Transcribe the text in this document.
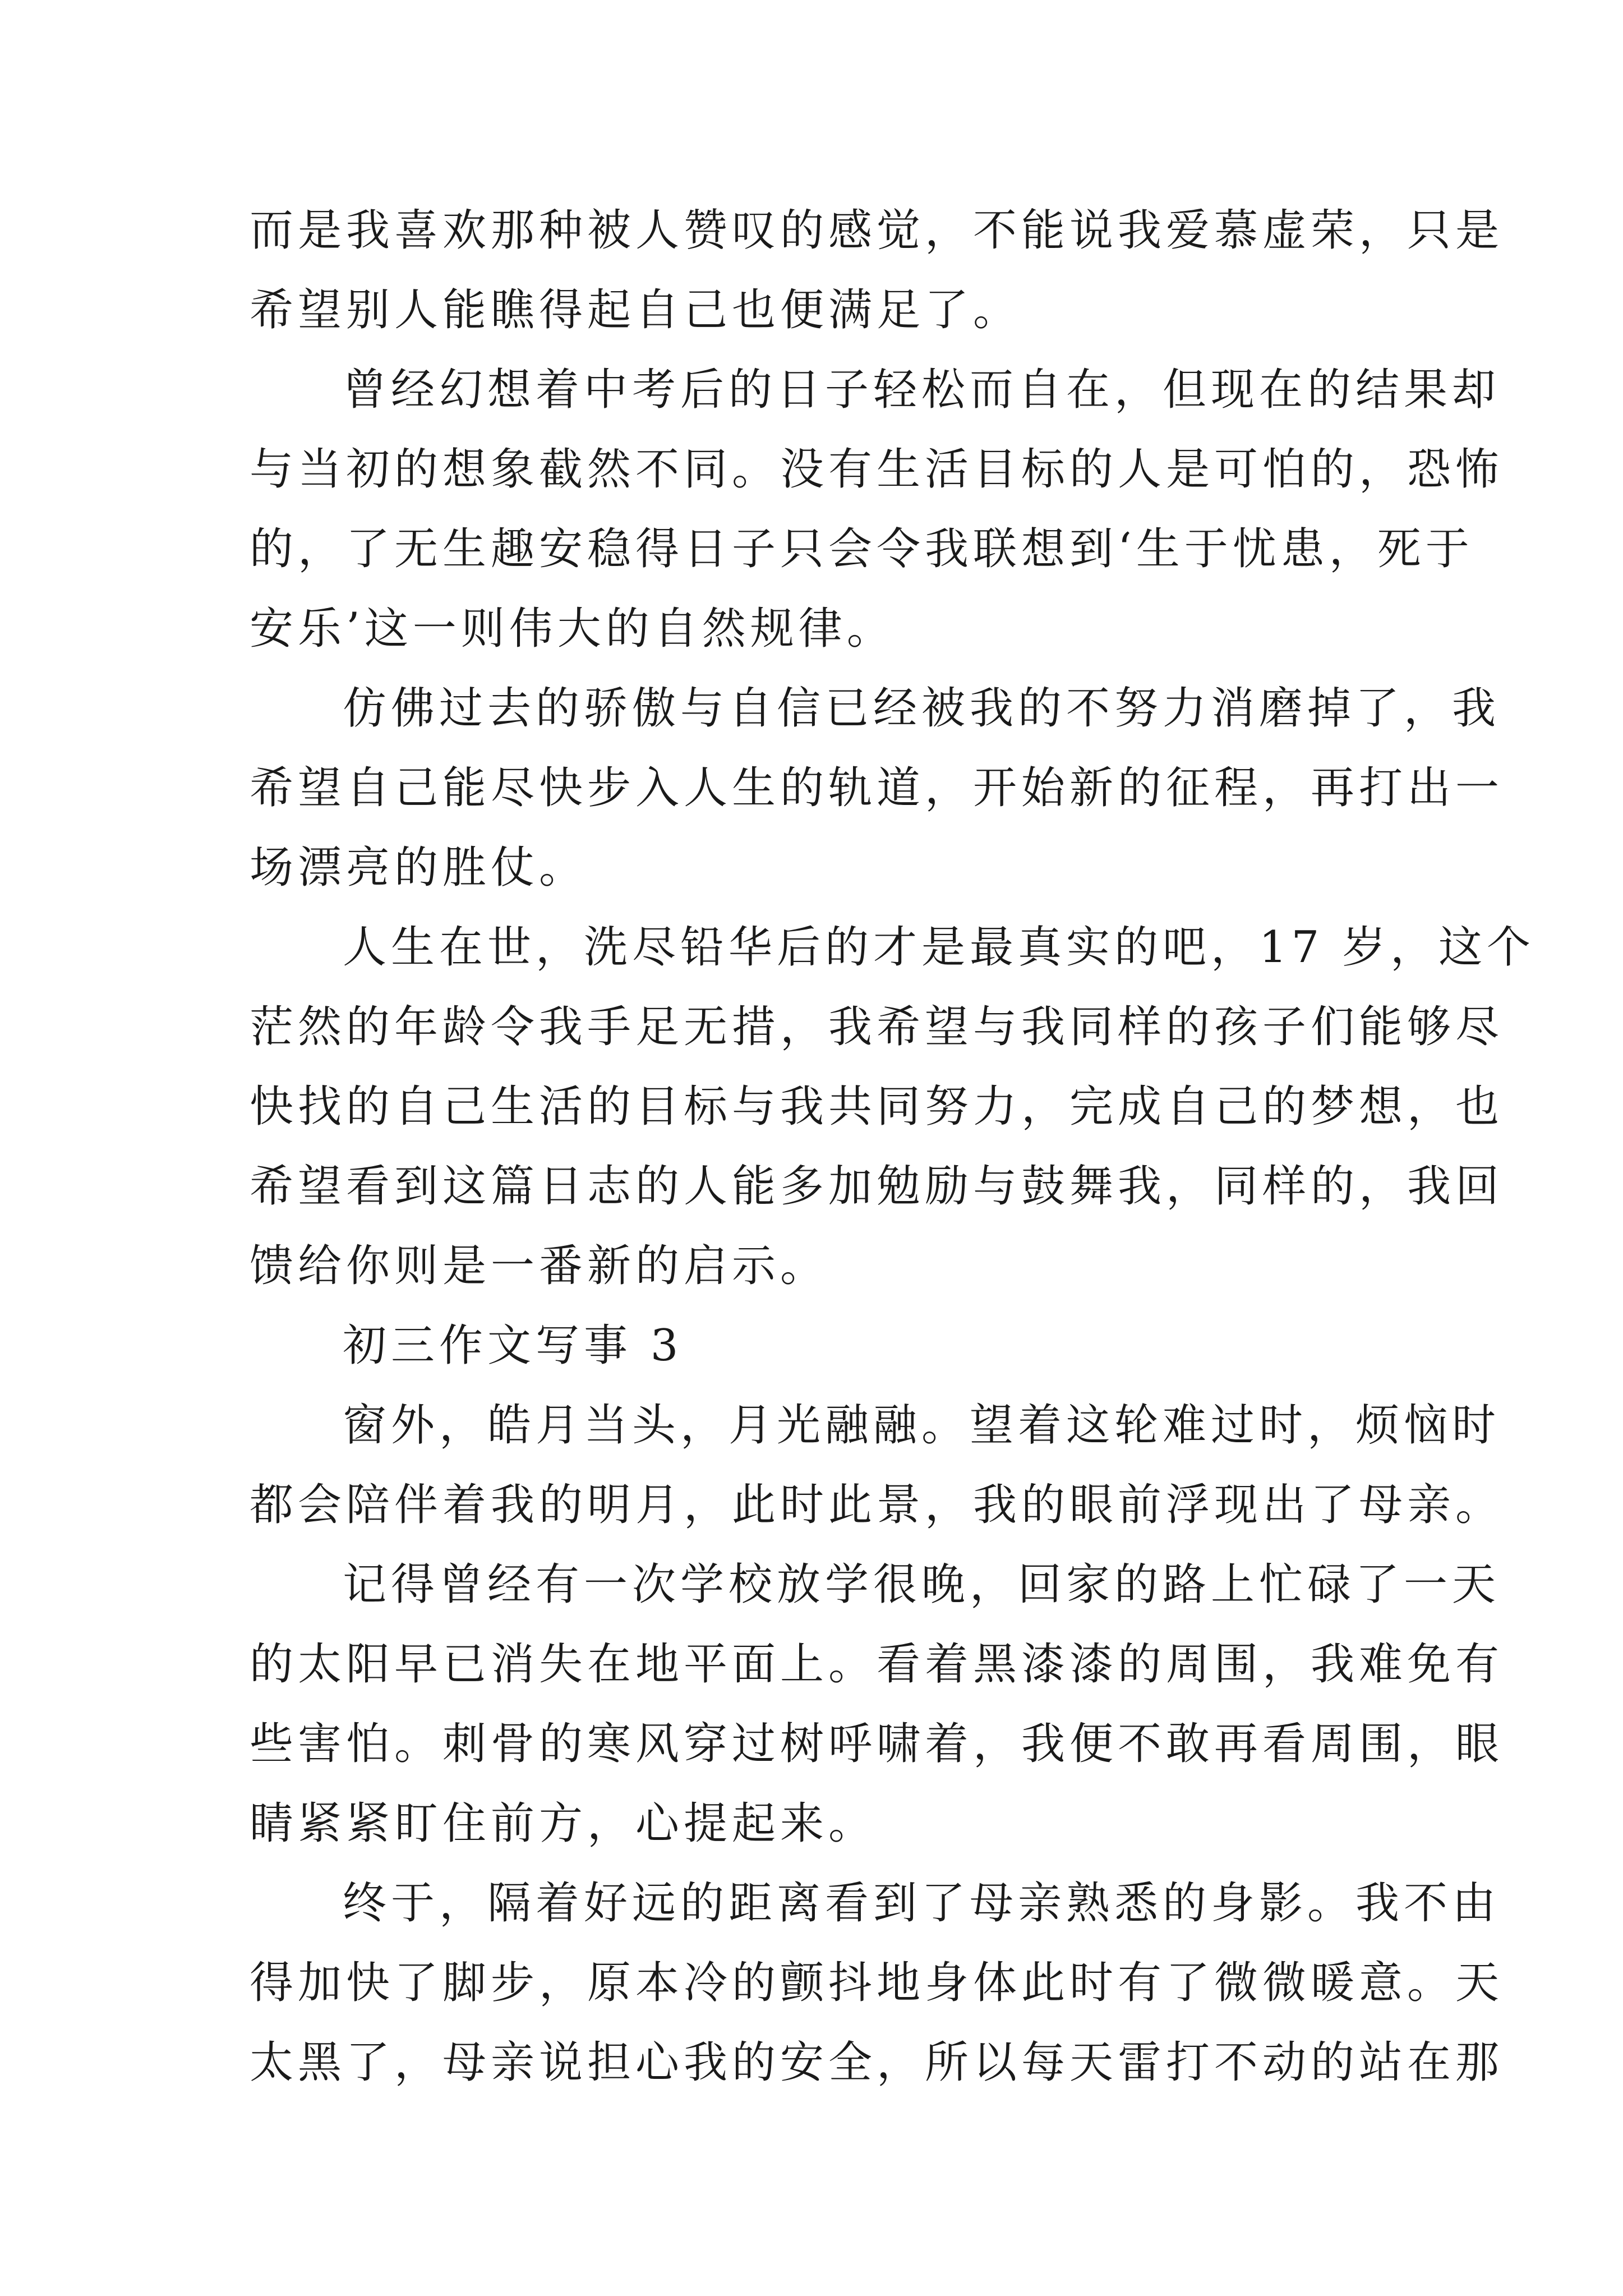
而是我喜欢那种被人赞叹的感觉，不能说我爱慕虚荣，只是
希望别人能瞧得起自己也便满足了。
曾经幻想着中考后的日子轻松而自在，但现在的结果却
与当初的想象截然不同。没有生活目标的人是可怕的，恐怖
的，了无生趣安稳得日子只会令我联想到‘生于忧患，死于
安乐’这一则伟大的自然规律。
仿佛过去的骄傲与自信已经被我的不努力消磨掉了，我
希望自己能尽快步入人生的轨道，开始新的征程，再打出一
场漂亮的胜仗。
人生在世，洗尽铅华后的才是最真实的吧，17 岁，这个
茫然的年龄令我手足无措，我希望与我同样的孩子们能够尽
快找的自己生活的目标与我共同努力，完成自己的梦想，也
希望看到这篇日志的人能多加勉励与鼓舞我，同样的，我回
馈给你则是一番新的启示。
初三作文写事 3
窗外，皓月当头，月光融融。望着这轮难过时，烦恼时
都会陪伴着我的明月，此时此景，我的眼前浮现出了母亲。
记得曾经有一次学校放学很晚，回家的路上忙碌了一天
的太阳早已消失在地平面上。看着黑漆漆的周围，我难免有
些害怕。刺骨的寒风穿过树呼啸着，我便不敢再看周围，眼
睛紧紧盯住前方，心提起来。
终于，隔着好远的距离看到了母亲熟悉的身影。我不由
得加快了脚步，原本冷的颤抖地身体此时有了微微暖意。天
太黑了，母亲说担心我的安全，所以每天雷打不动的站在那
